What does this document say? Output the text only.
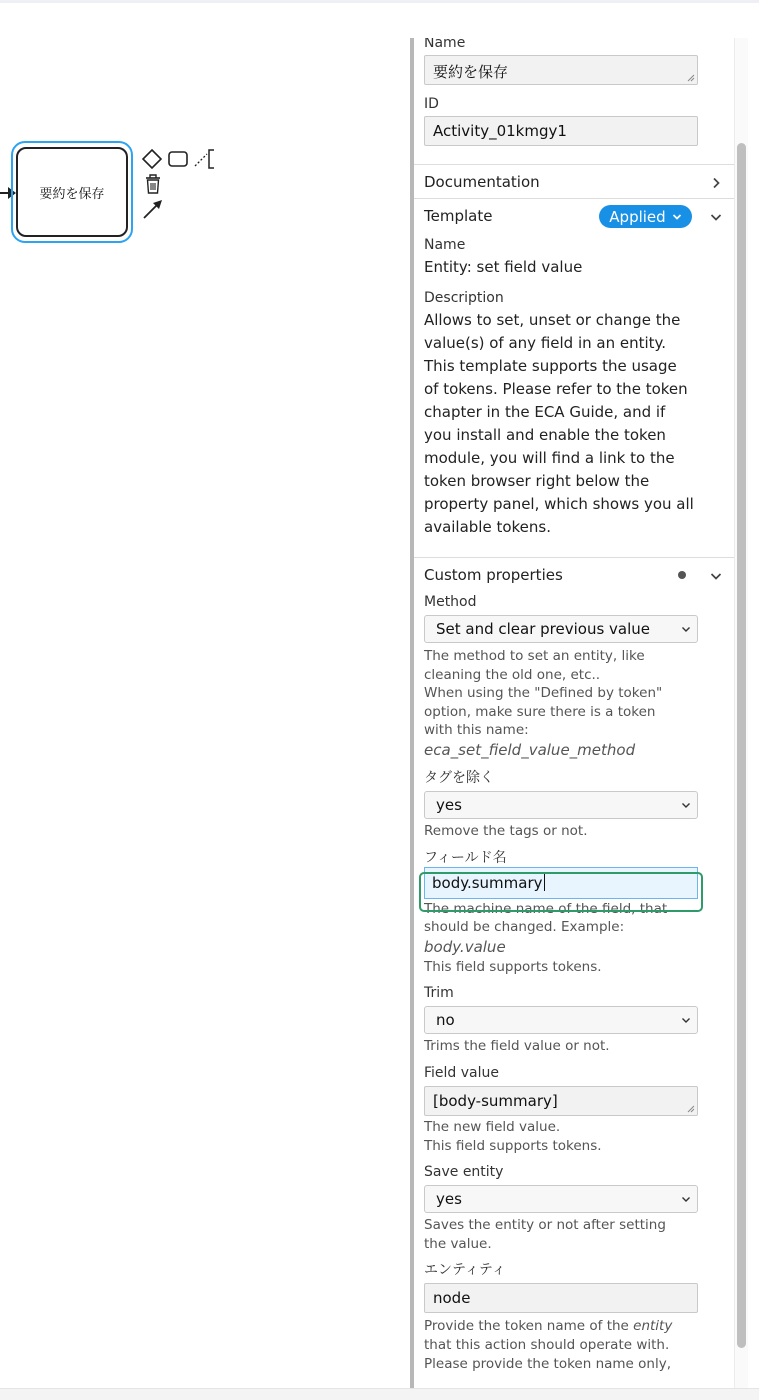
要約を保存
Name
要約を保存
ID
Activity_01kmgy1
Documentation
Template	Applied
Name
Entity: set field value
Description
Allows to set, unset or change the
value(s) of any field in an entity.
This template supports the usage
of tokens. Please refer to the token
chapter in the ECA Guide, and if
you install and enable the token
module, you will find a link to the
token browser right below the
property panel, which shows you all
available tokens.
Custom properties
Method
Set and clear previous value
The method to set an entity, like
cleaning the old one, etc..
When using the "Defined by token"
option, make sure there is a token
with this name:
eca_set_field_value_method
タグを除く
yes
Remove the tags or not.
フィールド名
body.summary
The machine name of the field, that
should be changed. Example:
body.value
This field supports tokens.
Trim
no
Trims the field value or not.
Field value
[body-summary]
The new field value.
This field supports tokens.
Save entity
yes
Saves the entity or not after setting
the value.
エンティティ
node
Provide the token name of the entity
that this action should operate with.
Please provide the token name only,
